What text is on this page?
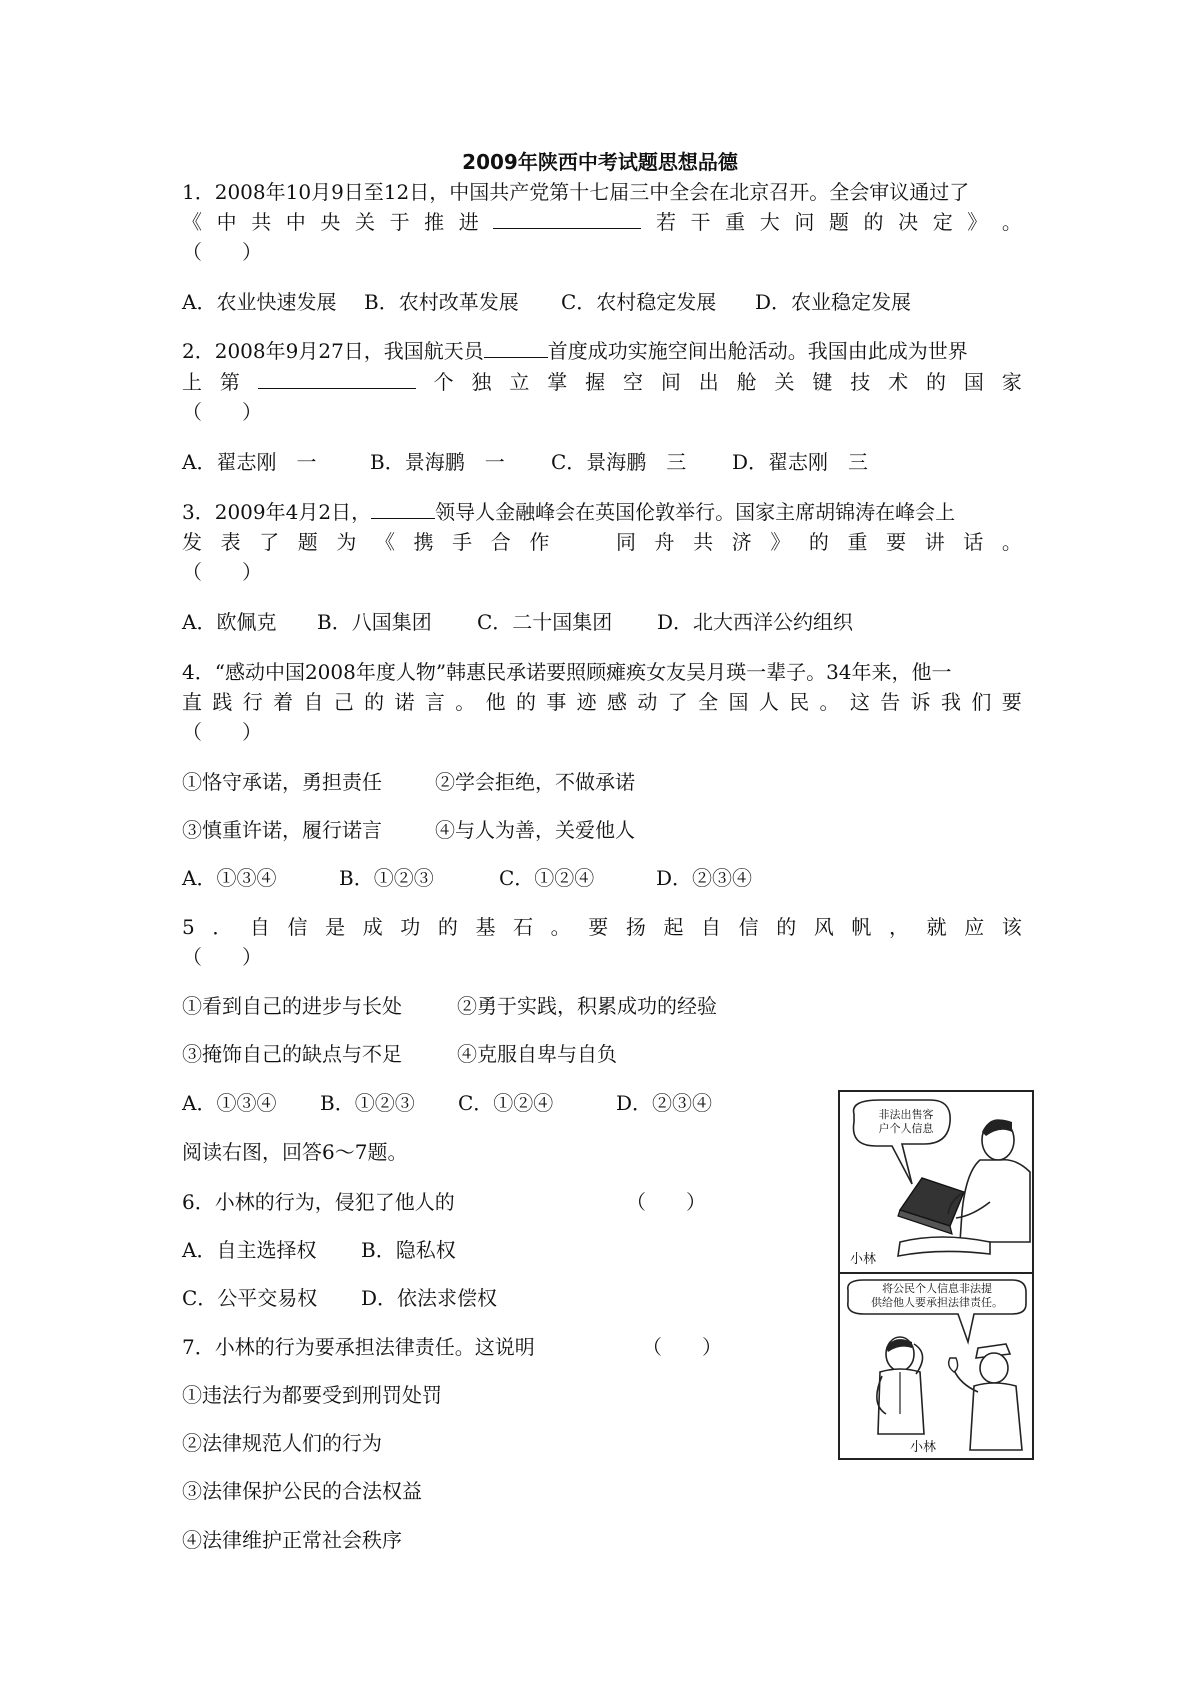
2009年陕西中考试题思想品德
1．2008年10月9日至12日，中国共产党第十七届三中全会在北京召开。全会审议通过了
《 中 共 中 央 关 于 推 进	若 干 重 大 问 题 的 决 定 》 。
（　　）
A．农业快速发展 B．农村改革发展 C．农村稳定发展 D．农业稳定发展
2．2008年9月27日，我国航天员	首度成功实施空间出舱活动。我国由此成为世界
上 第	个 独 立 掌 握 空 间 出 舱 关 键 技 术 的 国 家
（　　）
A．翟志刚　一	B．景海鹏　一 C．景海鹏　三 D．翟志刚　三
3．2009年4月2日，	领导人金融峰会在英国伦敦举行。国家主席胡锦涛在峰会上
发 表 了 题 为 《 携 手 合 作	同 舟 共 济 》 的 重 要 讲 话 。
（　　）
A．欧佩克 B．八国集团 C．二十国集团 D．北大西洋公约组织
4．“感动中国2008年度人物”韩惠民承诺要照顾瘫痪女友吴月瑛一辈子。34年来，他一
直 践 行 着 自 己 的 诺 言 。 他 的 事 迹 感 动 了 全 国 人 民 。 这 告 诉 我 们 要
（　　）
①恪守承诺，勇担责任	②学会拒绝，不做承诺
③慎重许诺，履行诺言	④与人为善，关爱他人
A．①③④	B．①②③	C．①②④	D．②③④
5 ． 自 信 是 成 功 的 基 石 。 要 扬 起 自 信 的 风 帆 ， 就 应 该
（　　）
①看到自己的进步与长处	②勇于实践，积累成功的经验
③掩饰自己的缺点与不足	④克服自卑与自负
A．①③④ B．①②③ C．①②④	D．②③④
阅读右图，回答6～7题。
6．小林的行为，侵犯了他人的	（　　）
A．自主选择权 B．隐私权
C．公平交易权 D．依法求偿权
7．小林的行为要承担法律责任。这说明	（　　）
①违法行为都要受到刑罚处罚
②法律规范人们的行为
③法律保护公民的合法权益
④法律维护正常社会秩序
非法出售客
户个人信息
小林
将公民个人信息非法提
供给他人要承担法律责任。
小林
